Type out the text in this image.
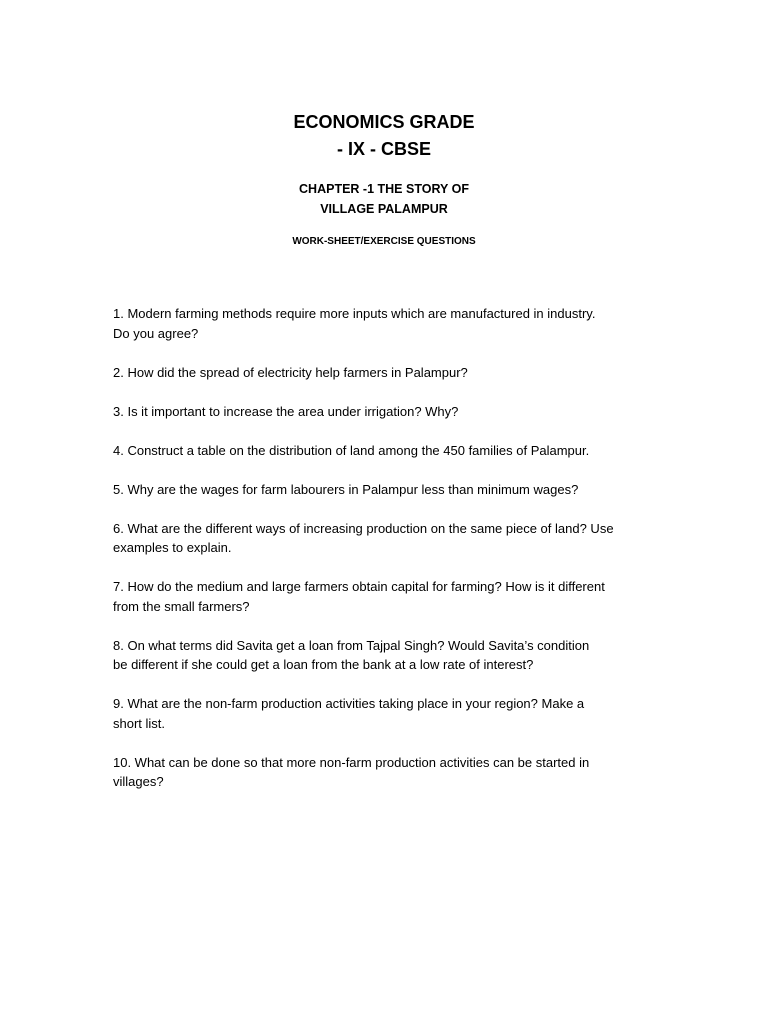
ECONOMICS GRADE
- IX - CBSE
CHAPTER -1 THE STORY OF
VILLAGE PALAMPUR
WORK-SHEET/EXERCISE QUESTIONS
1. Modern farming methods require more inputs which are manufactured in industry.
Do you agree?
2. How did the spread of electricity help farmers in Palampur?
3. Is it important to increase the area under irrigation? Why?
4. Construct a table on the distribution of land among the 450 families of Palampur.
5. Why are the wages for farm labourers in Palampur less than minimum wages?
6. What are the different ways of increasing production on the same piece of land? Use
examples to explain.
7. How do the medium and large farmers obtain capital for farming? How is it different
from the small farmers?
8. On what terms did Savita get a loan from Tajpal Singh? Would Savita’s condition
be different if she could get a loan from the bank at a low rate of interest?
9. What are the non-farm production activities taking place in your region? Make a
short list.
10. What can be done so that more non-farm production activities can be started in
villages?
